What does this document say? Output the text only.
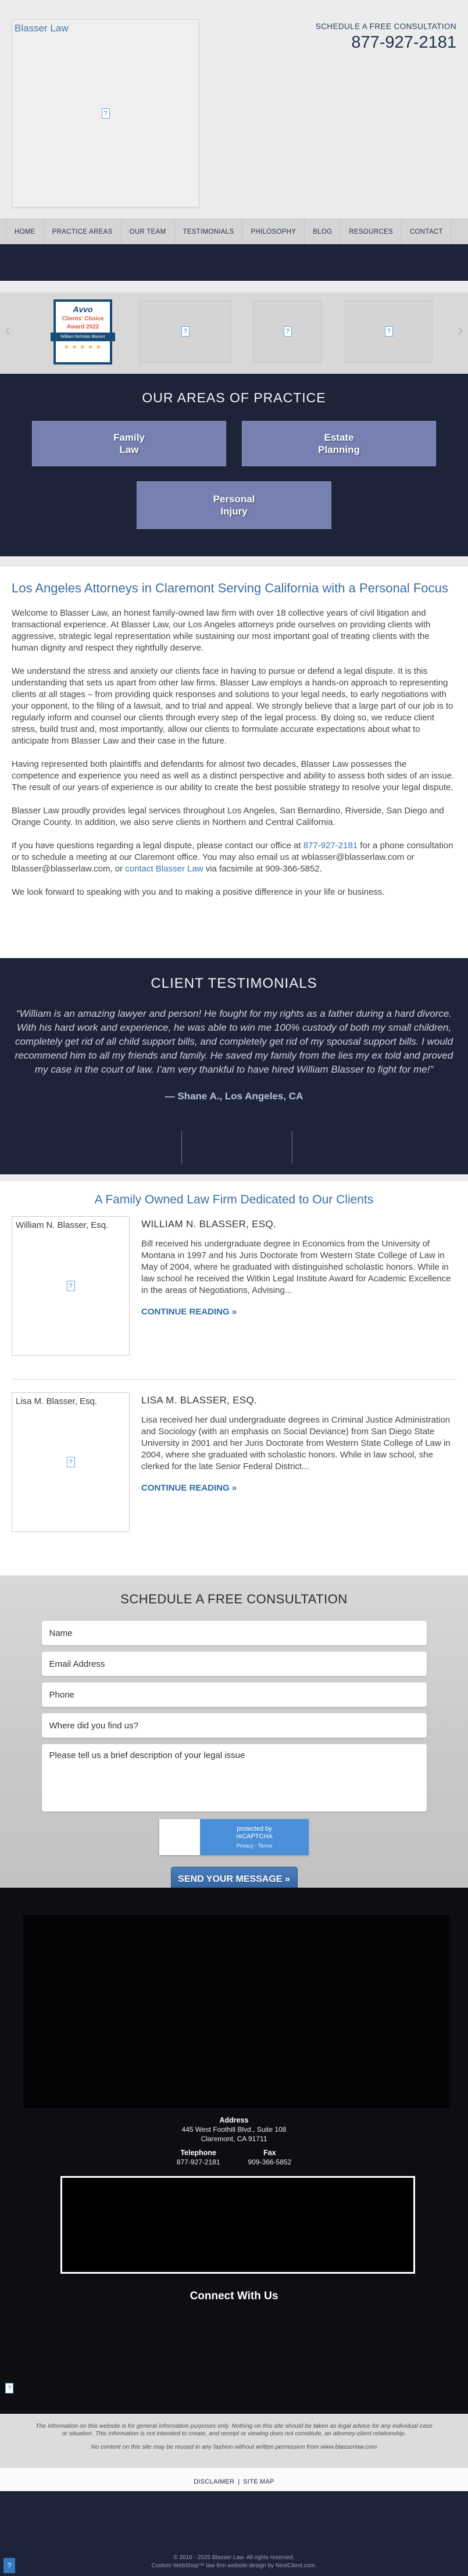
Blasser Law
?
SCHEDULE A FREE CONSULTATION
877-927-2181
HOME	PRACTICE AREAS	OUR TEAM	TESTIMONIALS	PHILOSOPHY	BLOG	RESOURCES	CONTACT
‹	›
Avvo
Clients' Choice
Award 2022
William Nicholas Blasser
★ ★ ★ ★ ★
?	?	?
OUR AREAS OF PRACTICE
Family
Law
Estate
Planning
Personal
Injury
Los Angeles Attorneys in Claremont Serving California with a Personal Focus

Welcome to Blasser Law, an honest family-owned law firm with over 18 collective years of civil litigation and transactional experience. At Blasser Law, our Los Angeles attorneys pride ourselves on providing clients with aggressive, strategic legal representation while sustaining our most important goal of treating clients with the human dignity and respect they rightfully deserve.

We understand the stress and anxiety our clients face in having to pursue or defend a legal dispute. It is this understanding that sets us apart from other law firms. Blasser Law employs a hands-on approach to representing clients at all stages – from providing quick responses and solutions to your legal needs, to early negotiations with your opponent, to the filing of a lawsuit, and to trial and appeal. We strongly believe that a large part of our job is to regularly inform and counsel our clients through every step of the legal process. By doing so, we reduce client stress, build trust and, most importantly, allow our clients to formulate accurate expectations about what to anticipate from Blasser Law and their case in the future.

Having represented both plaintiffs and defendants for almost two decades, Blasser Law possesses the competence and experience you need as well as a distinct perspective and ability to assess both sides of an issue. The result of our years of experience is our ability to create the best possible strategy to resolve your legal dispute.

Blasser Law proudly provides legal services throughout Los Angeles, San Bernardino, Riverside, San Diego and Orange County. In addition, we also serve clients in Northern and Central California.

If you have questions regarding a legal dispute, please contact our office at 877-927-2181 for a phone consultation or to schedule a meeting at our Claremont office. You may also email us at wblasser@blasserlaw.com or lblasser@blasserlaw.com, or contact Blasser Law via facsimile at 909-366-5852.

We look forward to speaking with you and to making a positive difference in your life or business.

CLIENT TESTIMONIALS
“William is an amazing lawyer and person! He fought for my rights as a father during a hard divorce. With his hard work and experience, he was able to win me 100% custody of both my small children, completely get rid of all child support bills, and completely get rid of my spousal support bills. I would recommend him to all my friends and family. He saved my family from the lies my ex told and proved my case in the court of law. I'am very thankful to have hired William Blasser to fight for me!”
— Shane A., Los Angeles, CA
A Family Owned Law Firm Dedicated to Our Clients
William N. Blasser, Esq.
?
WILLIAM N. BLASSER, ESQ.
Bill received his undergraduate degree in Economics from the University of Montana in 1997 and his Juris Doctorate from Western State College of Law in May of 2004, where he graduated with distinguished scholastic honors. While in law school he received the Witkin Legal Institute Award for Academic Excellence in the areas of Negotiations, Advising...
CONTINUE READING »
Lisa M. Blasser, Esq.
?
LISA M. BLASSER, ESQ.
Lisa received her dual undergraduate degrees in Criminal Justice Administration and Sociology (with an emphasis on Social Deviance) from San Diego State University in 2001 and her Juris Doctorate from Western State College of Law in 2004, where she graduated with scholastic honors. While in law school, she clerked for the late Senior Federal District...
CONTINUE READING »
SCHEDULE A FREE CONSULTATION
Name
Email Address
Phone
Where did you find us?
Please tell us a brief description of your legal issue
protected by
reCAPTCHA
Privacy - Terms
SEND YOUR MESSAGE »
Address
445 West Foothill Blvd., Suite 108
Claremont, CA 91711
Telephone
877-927-2181
Fax
909-366-5852
Connect With Us
?

The information on this website is for general information purposes only. Nothing on this site should be taken as legal advice for any individual case or situation. This information is not intended to create, and receipt or viewing does not constitute, an attorney-client relationship.

No content on this site may be reused in any fashion without written permission from www.blasserlaw.com

DISCLAIMER | SITE MAP
© 2016 - 2025 Blasser Law. All rights reserved.
Custom WebShop™ law firm website design by NextClient.com.
?
